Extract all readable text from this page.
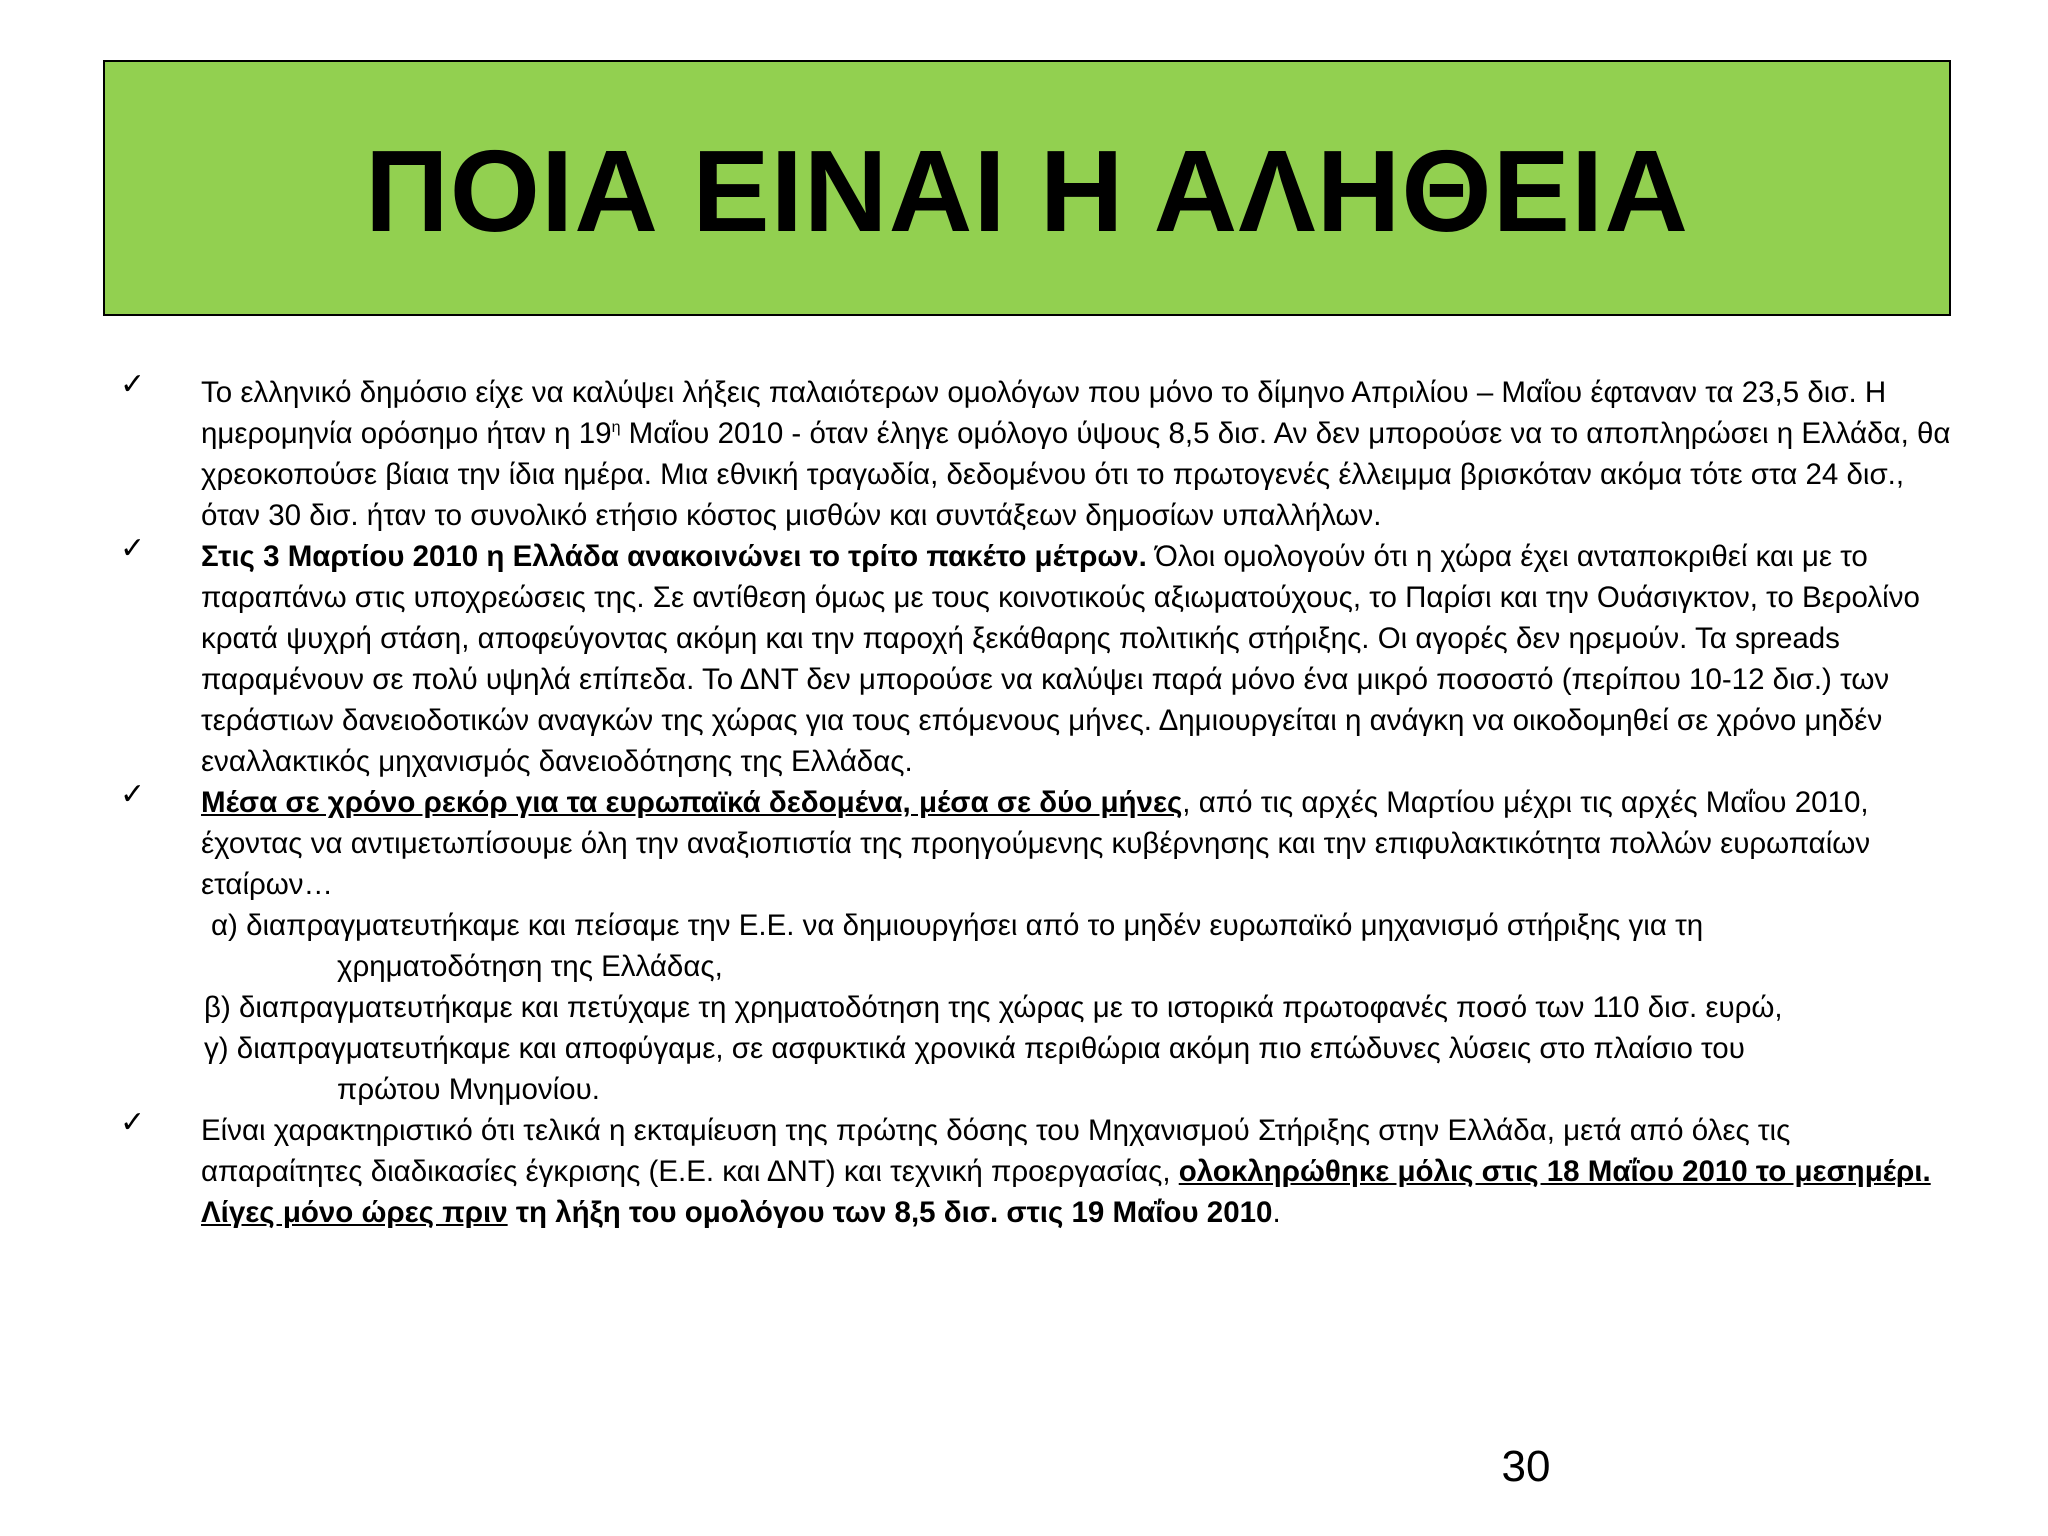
ΠΟΙΑ ΕΙΝΑΙ Η ΑΛΗΘΕΙΑ
✓ Το ελληνικό δημόσιο είχε να καλύψει λήξεις παλαιότερων ομολόγων που μόνο το δίμηνο Απριλίου – Μαΐου έφταναν τα 23,5 δισ. Η ημερομηνία ορόσημο ήταν η $19^\eta$ Μαΐου 2010 - όταν έληγε ομόλογο ύψους 8,5 δισ. Αν δεν μπορούσε να το αποπληρώσει η Ελλάδα, θα χρεοκοπούσε βίαια την ίδια ημέρα. Μια εθνική τραγωδία, δεδομένου ότι το πρωτογενές έλλειμμα βρισκόταν ακόμα τότε στα 24 δισ., όταν 30 δισ. ήταν το συνολικό ετήσιο κόστος μισθών και συντάξεων δημοσίων υπαλλήλων.
✓ Στις 3 Μαρτίου 2010 η Ελλάδα ανακοινώνει το τρίτο πακέτο μέτρων. Όλοι ομολογούν ότι η χώρα έχει ανταποκριθεί και με το παραπάνω στις υποχρεώσεις της. Σε αντίθεση όμως με τους κοινοτικούς αξιωματούχους, το Παρίσι και την Ουάσιγκτον, το Βερολίνο κρατά ψυχρή στάση, αποφεύγοντας ακόμη και την παροχή ξεκάθαρης πολιτικής στήριξης. Οι αγορές δεν ηρεμούν. Τα spreads παραμένουν σε πολύ υψηλά επίπεδα. Το ΔΝΤ δεν μπορούσε να καλύψει παρά μόνο ένα μικρό ποσοστό (περίπου 10-12 δισ.) των τεράστιων δανειοδοτικών αναγκών της χώρας για τους επόμενους μήνες. Δημιουργείται η ανάγκη να οικοδομηθεί σε χρόνο μηδέν εναλλακτικός μηχανισμός δανειοδότησης της Ελλάδας.
✓ Μέσα σε χρόνο ρεκόρ για τα ευρωπαϊκά δεδομένα, μέσα σε δύο μήνες, από τις αρχές Μαρτίου μέχρι τις αρχές Μαΐου 2010, έχοντας να αντιμετωπίσουμε όλη την αναξιοπιστία της προηγούμενης κυβέρνησης και την επιφυλακτικότητα πολλών ευρωπαίων εταίρων…
α) διαπραγματευτήκαμε και πείσαμε την Ε.Ε. να δημιουργήσει από το μηδέν ευρωπαϊκό μηχανισμό στήριξης για τη
χρηματοδότηση της Ελλάδας,
β) διαπραγματευτήκαμε και πετύχαμε τη χρηματοδότηση της χώρας με το ιστορικά πρωτοφανές ποσό των 110 δισ. ευρώ,
γ) διαπραγματευτήκαμε και αποφύγαμε, σε ασφυκτικά χρονικά περιθώρια ακόμη πιο επώδυνες λύσεις στο πλαίσιο του
πρώτου Μνημονίου.
✓ Είναι χαρακτηριστικό ότι τελικά η εκταμίευση της πρώτης δόσης του Μηχανισμού Στήριξης στην Ελλάδα, μετά από όλες τις απαραίτητες διαδικασίες έγκρισης (Ε.Ε. και ΔΝΤ) και τεχνική προεργασίας, ολοκληρώθηκε μόλις στις 18 Μαΐου 2010 το μεσημέρι. Λίγες μόνο ώρες πριν τη λήξη του ομολόγου των 8,5 δισ. στις 19 Μαΐου 2010.
30
